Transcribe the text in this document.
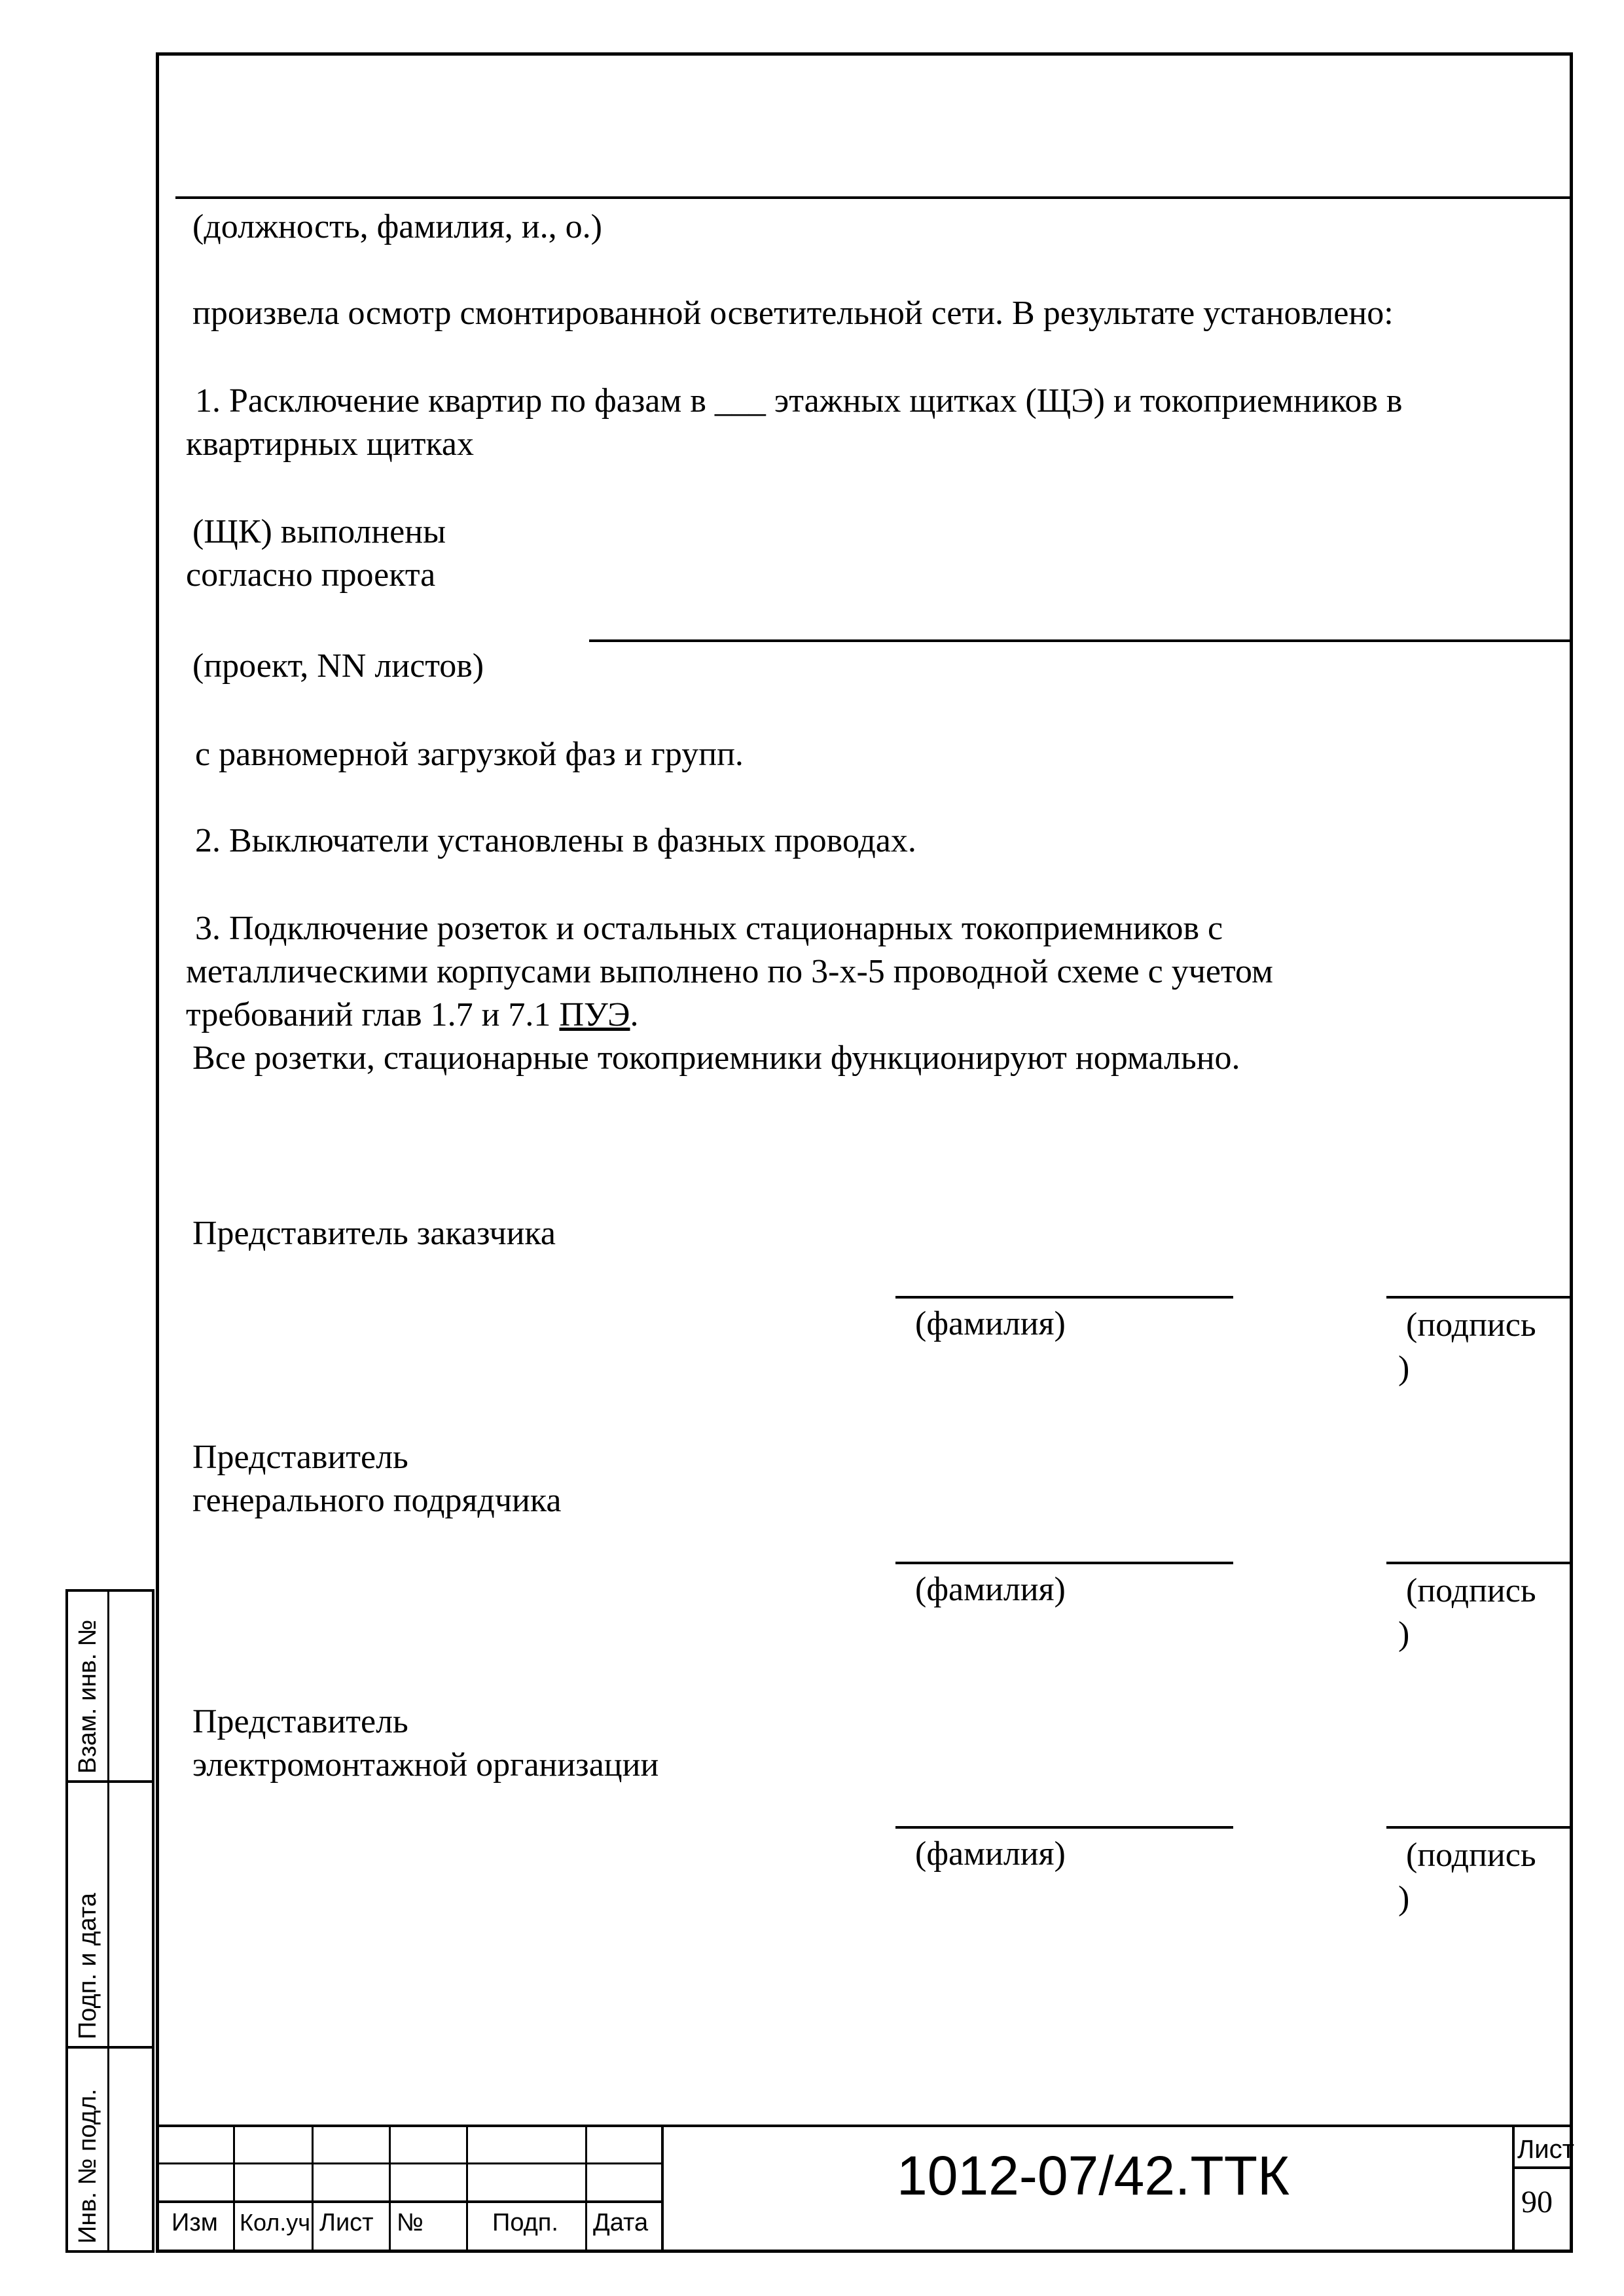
(должность, фамилия, и., о.)
произвела осмотр смонтированной осветительной сети. В результате установлено:
1. Расключение квартир по фазам в ___ этажных щитках (ЩЭ) и токоприемников в
квартирных щитках
(ЩК) выполнены
согласно проекта
(проект, NN листов)
с равномерной загрузкой фаз и групп.
2. Выключатели установлены в фазных проводах.
3. Подключение розеток и остальных стационарных токоприемников с
металлическими корпусами выполнено по 3-х-5 проводной схеме с учетом
требований глав 1.7 и 7.1 ПУЭ.
Все розетки, стационарные токоприемники функционируют нормально.
Представитель заказчика
(фамилия)	(подпись
)
Представитель
генерального подрядчика
(фамилия)	(подпись
)
Представитель
электромонтажной организации
(фамилия)	(подпись
)
Взам. инв. №
Подп. и дата
Инв. № подл.	Изм Кол.уч Лист №	Подп. Дата
1012-07/42.ТТК	Лист
90
